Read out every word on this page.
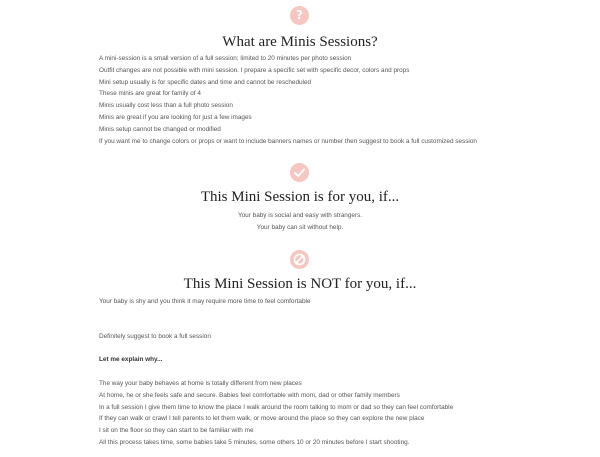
?
What are Minis Sessions?
A mini-session is a small version of a full session; limited to 20 minutes per photo session
Outfit changes are not possible with mini session. I prepare a specific set with specific decor, colors and props
Mini setup usually is for specific dates and time and cannot be rescheduled
These minis are great for family of 4
Minis usually cost less than a full photo session
Minis are great if you are looking for just a few images
Minis setup cannot be changed or modified
If you want me to change colors or props or want to include banners names or number then suggest to book a full customized session
This Mini Session is for you, if...
Your baby is social and easy with strangers.
Your baby can sit without help.
This Mini Session is NOT for you, if...
Your baby is shy and you think it may require more time to feel comfortable
Definitely suggest to book a full session
Let me explain why...
The way your baby behaves at home is totally different from new places
At home, he or she feels safe and secure. Babies feel comfortable with mom, dad or other family members
In a full session I give them time to know the place I walk around the room talking to mom or dad so they can feel comfortable
If they can walk or crawl I tell parents to let them walk, or move around the place so they can explore the new place
I sit on the floor so they can start to be familiar with me
All this process takes time, some babies take 5 minutes, some others 10 or 20 minutes before I start shooting.
